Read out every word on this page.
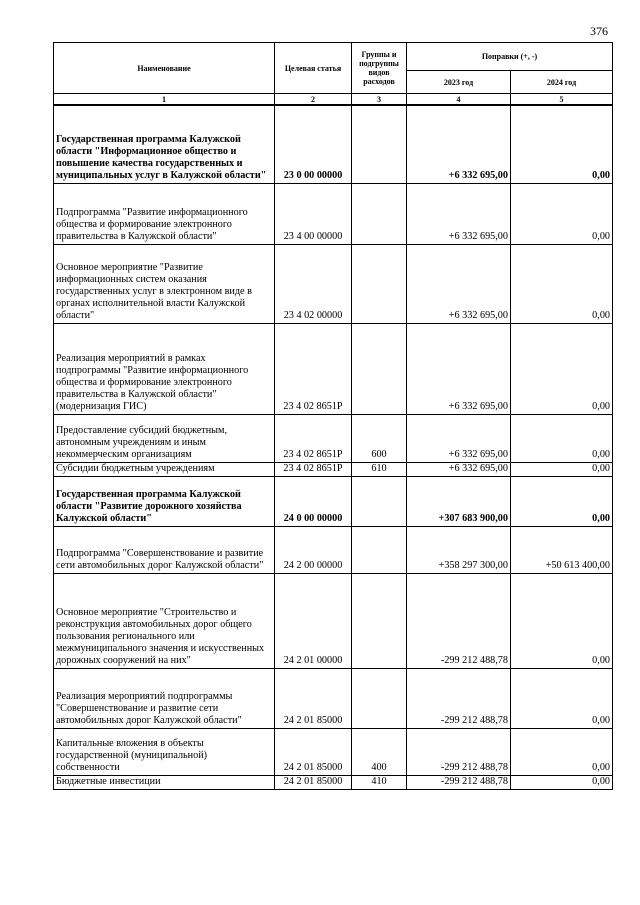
376
Наименование	Целевая статья	Группы и подгруппы видов расходов	Поправки (+, -)	
			2023 год	2024 год
1	2	3	4	5
Государственная программа Калужской области "Информационное общество и повышение качества государственных и муниципальных услуг в Калужской области"	23 0 00 00000		+6 332 695,00	0,00
Подпрограмма "Развитие информационного общества и формирование электронного правительства в Калужской области"	23 4 00 00000		+6 332 695,00	0,00
Основное мероприятие "Развитие информационных систем оказания государственных услуг в электронном виде в органах исполнительной власти Калужской области"	23 4 02 00000		+6 332 695,00	0,00
Реализация мероприятий в рамках подпрограммы "Развитие информационного общества и формирование электронного правительства в Калужской области" (модернизация ГИС)	23 4 02 8651P		+6 332 695,00	0,00
Предоставление субсидий бюджетным, автономным учреждениям и иным некоммерческим организациям	23 4 02 8651P	600	+6 332 695,00	0,00
Субсидии бюджетным учреждениям	23 4 02 8651P	610	+6 332 695,00	0,00
Государственная программа Калужской области "Развитие дорожного хозяйства Калужской области"	24 0 00 00000		+307 683 900,00	0,00
Подпрограмма "Совершенствование и развитие сети автомобильных дорог Калужской области"	24 2 00 00000		+358 297 300,00	+50 613 400,00
Основное мероприятие "Строительство и реконструкция автомобильных дорог общего пользования регионального или межмуниципального значения и искусственных дорожных сооружений на них"	24 2 01 00000		-299 212 488,78	0,00
Реализация мероприятий подпрограммы "Совершенствование и развитие сети автомобильных дорог Калужской области"	24 2 01 85000		-299 212 488,78	0,00
Капитальные вложения в объекты государственной (муниципальной) собственности	24 2 01 85000	400	-299 212 488,78	0,00
Бюджетные инвестиции	24 2 01 85000	410	-299 212 488,78	0,00
